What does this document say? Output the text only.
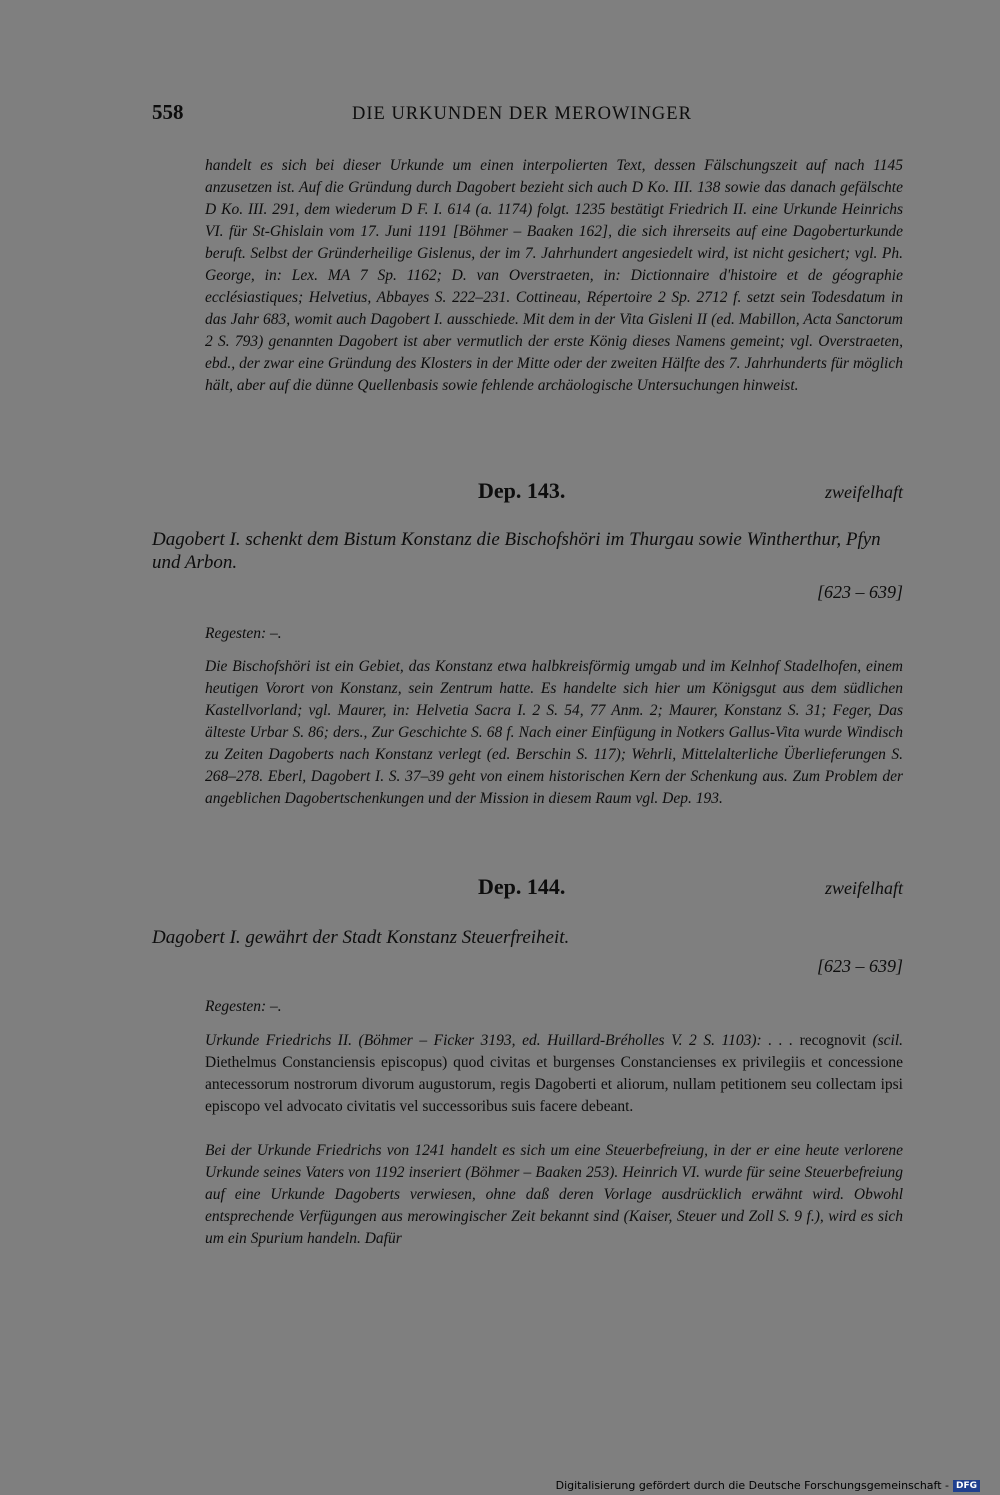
558	DIE URKUNDEN DER MEROWINGER

handelt es sich bei dieser Urkunde um einen interpolierten Text, dessen Fälschungszeit auf nach 1145 anzusetzen ist. Auf die Gründung durch Dagobert bezieht sich auch D Ko. III. 138 sowie das danach gefälschte D Ko. III. 291, dem wiederum D F. I. 614 (a. 1174) folgt. 1235 bestätigt Friedrich II. eine Urkunde Heinrichs VI. für St-Ghislain vom 17. Juni 1191 [Böhmer – Baaken 162], die sich ihrerseits auf eine Dagoberturkunde beruft. Selbst der Gründerheilige Gislenus, der im 7. Jahrhundert angesiedelt wird, ist nicht gesichert; vgl. Ph. George, in: Lex. MA 7 Sp. 1162; D. van Overstraeten, in: Dictionnaire d'histoire et de géographie ecclésiastiques; Helvetius, Abbayes S. 222–231. Cottineau, Répertoire 2 Sp. 2712 f. setzt sein Todesdatum in das Jahr 683, womit auch Dagobert I. ausschiede. Mit dem in der Vita Gisleni II (ed. Mabillon, Acta Sanctorum 2 S. 793) genannten Dagobert ist aber vermutlich der erste König dieses Namens gemeint; vgl. Overstraeten, ebd., der zwar eine Gründung des Klosters in der Mitte oder der zweiten Hälfte des 7. Jahrhunderts für möglich hält, aber auf die dünne Quellenbasis sowie fehlende archäologische Untersuchungen hinweist.

Dep. 143.	zweifelhaft

Dagobert I. schenkt dem Bistum Konstanz die Bischofshöri im Thurgau sowie Wintherthur, Pfyn und Arbon.

[623 – 639]
Regesten: –.

Die Bischofshöri ist ein Gebiet, das Konstanz etwa halbkreisförmig umgab und im Kelnhof Stadelhofen, einem heutigen Vorort von Konstanz, sein Zentrum hatte. Es handelte sich hier um Königsgut aus dem südlichen Kastellvorland; vgl. Maurer, in: Helvetia Sacra I. 2 S. 54, 77 Anm. 2; Maurer, Konstanz S. 31; Feger, Das älteste Urbar S. 86; ders., Zur Geschichte S. 68 f. Nach einer Einfügung in Notkers Gallus-Vita wurde Windisch zu Zeiten Dagoberts nach Konstanz verlegt (ed. Berschin S. 117); Wehrli, Mittelalterliche Überlieferungen S. 268–278. Eberl, Dagobert I. S. 37–39 geht von einem historischen Kern der Schenkung aus. Zum Problem der angeblichen Dagobertschenkungen und der Mission in diesem Raum vgl. Dep. 193.

Dep. 144.	zweifelhaft

Dagobert I. gewährt der Stadt Konstanz Steuerfreiheit.

[623 – 639]
Regesten: –.

Urkunde Friedrichs II. (Böhmer – Ficker 3193, ed. Huillard-Bréholles V. 2 S. 1103): . . . recognovit (scil. Diethelmus Constanciensis episcopus) quod civitas et burgenses Constancienses ex privilegiis et concessione antecessorum nostrorum divorum augustorum, regis Dagoberti et aliorum, nullam petitionem seu collectam ipsi episcopo vel advocato civitatis vel successoribus suis facere debeant.

Bei der Urkunde Friedrichs von 1241 handelt es sich um eine Steuerbefreiung, in der er eine heute verlorene Urkunde seines Vaters von 1192 inseriert (Böhmer – Baaken 253). Heinrich VI. wurde für seine Steuerbefreiung auf eine Urkunde Dagoberts verwiesen, ohne daß deren Vorlage ausdrücklich erwähnt wird. Obwohl entsprechende Verfügungen aus merowingischer Zeit bekannt sind (Kaiser, Steuer und Zoll S. 9 f.), wird es sich um ein Spurium handeln. Dafür

Digitalisierung gefördert durch die Deutsche Forschungsgemeinschaft - DFG
